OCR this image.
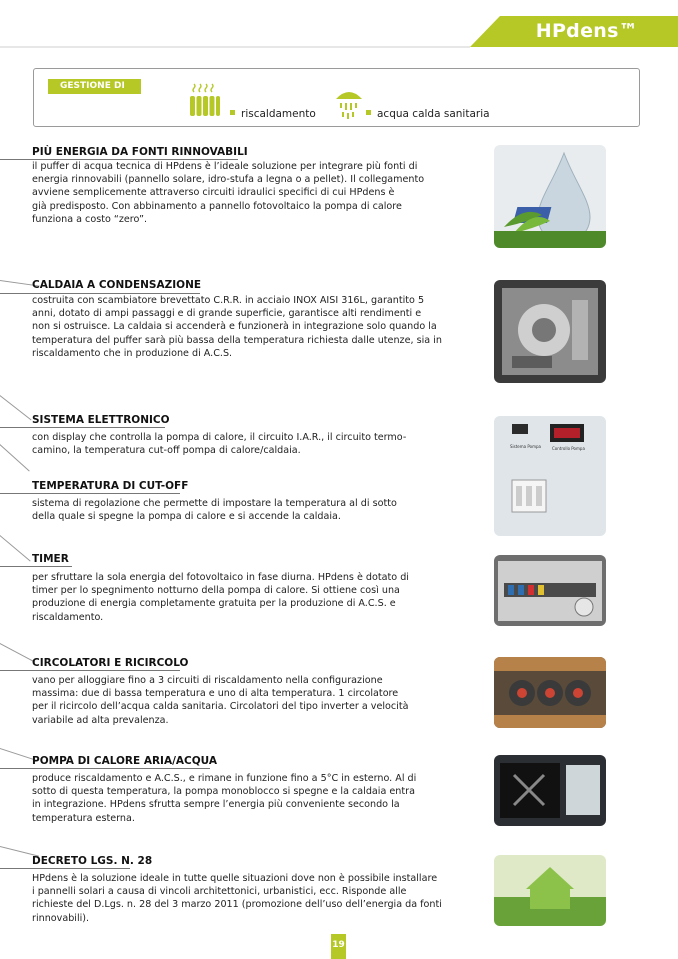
HPdens™
GESTIONE DI
riscaldamento	acqua calda sanitaria
PIÙ ENERGIA DA FONTI RINNOVABILI
il puffer di acqua tecnica di HPdens è l’ideale soluzione per integrare più fonti di
energia rinnovabili (pannello solare, idro-stufa a legna o a pellet). Il collegamento
avviene semplicemente attraverso circuiti idraulici specifici di cui HPdens è
già predisposto. Con abbinamento a pannello fotovoltaico la pompa di calore
funziona a costo “zero”.
CALDAIA A CONDENSAZIONE
costruita con scambiatore brevettato C.R.R. in acciaio INOX AISI 316L, garantito 5
anni, dotato di ampi passaggi e di grande superficie, garantisce alti rendimenti e
non si ostruisce. La caldaia si accenderà e funzionerà in integrazione solo quando la
temperatura del puffer sarà più bassa della temperatura richiesta dalle utenze, sia in
riscaldamento che in produzione di A.C.S.
SISTEMA ELETTRONICO
con display che controlla la pompa di calore, il circuito I.A.R., il circuito termo-
camino, la temperatura cut-off pompa di calore/caldaia.
TEMPERATURA DI CUT-OFF
sistema di regolazione che permette di impostare la temperatura al di sotto
della quale si spegne la pompa di calore e si accende la caldaia.
TIMER
per sfruttare la sola energia del fotovoltaico in fase diurna. HPdens è dotato di
timer per lo spegnimento notturno della pompa di calore. Si ottiene così una
produzione di energia completamente gratuita per la produzione di A.C.S. e
riscaldamento.
CIRCOLATORI E RICIRCOLO
vano per alloggiare fino a 3 circuiti di riscaldamento nella configurazione
massima: due di bassa temperatura e uno di alta temperatura. 1 circolatore
per il ricircolo dell’acqua calda sanitaria. Circolatori del tipo inverter a velocità
variabile ad alta prevalenza.
POMPA DI CALORE ARIA/ACQUA
produce riscaldamento e A.C.S., e rimane in funzione fino a 5°C in esterno. Al di
sotto di questa temperatura, la pompa monoblocco si spegne e la caldaia entra
in integrazione. HPdens sfrutta sempre l’energia più conveniente secondo la
temperatura esterna.
DECRETO LGS. N. 28
HPdens è la soluzione ideale in tutte quelle situazioni dove non è possibile installare
i pannelli solari a causa di vincoli architettonici, urbanistici, ecc. Risponde alle
richieste del D.Lgs. n. 28 del 3 marzo 2011 (promozione dell’uso dell’energia da fonti
rinnovabili).
Sistema Pompa	Controllo Pompa
19
